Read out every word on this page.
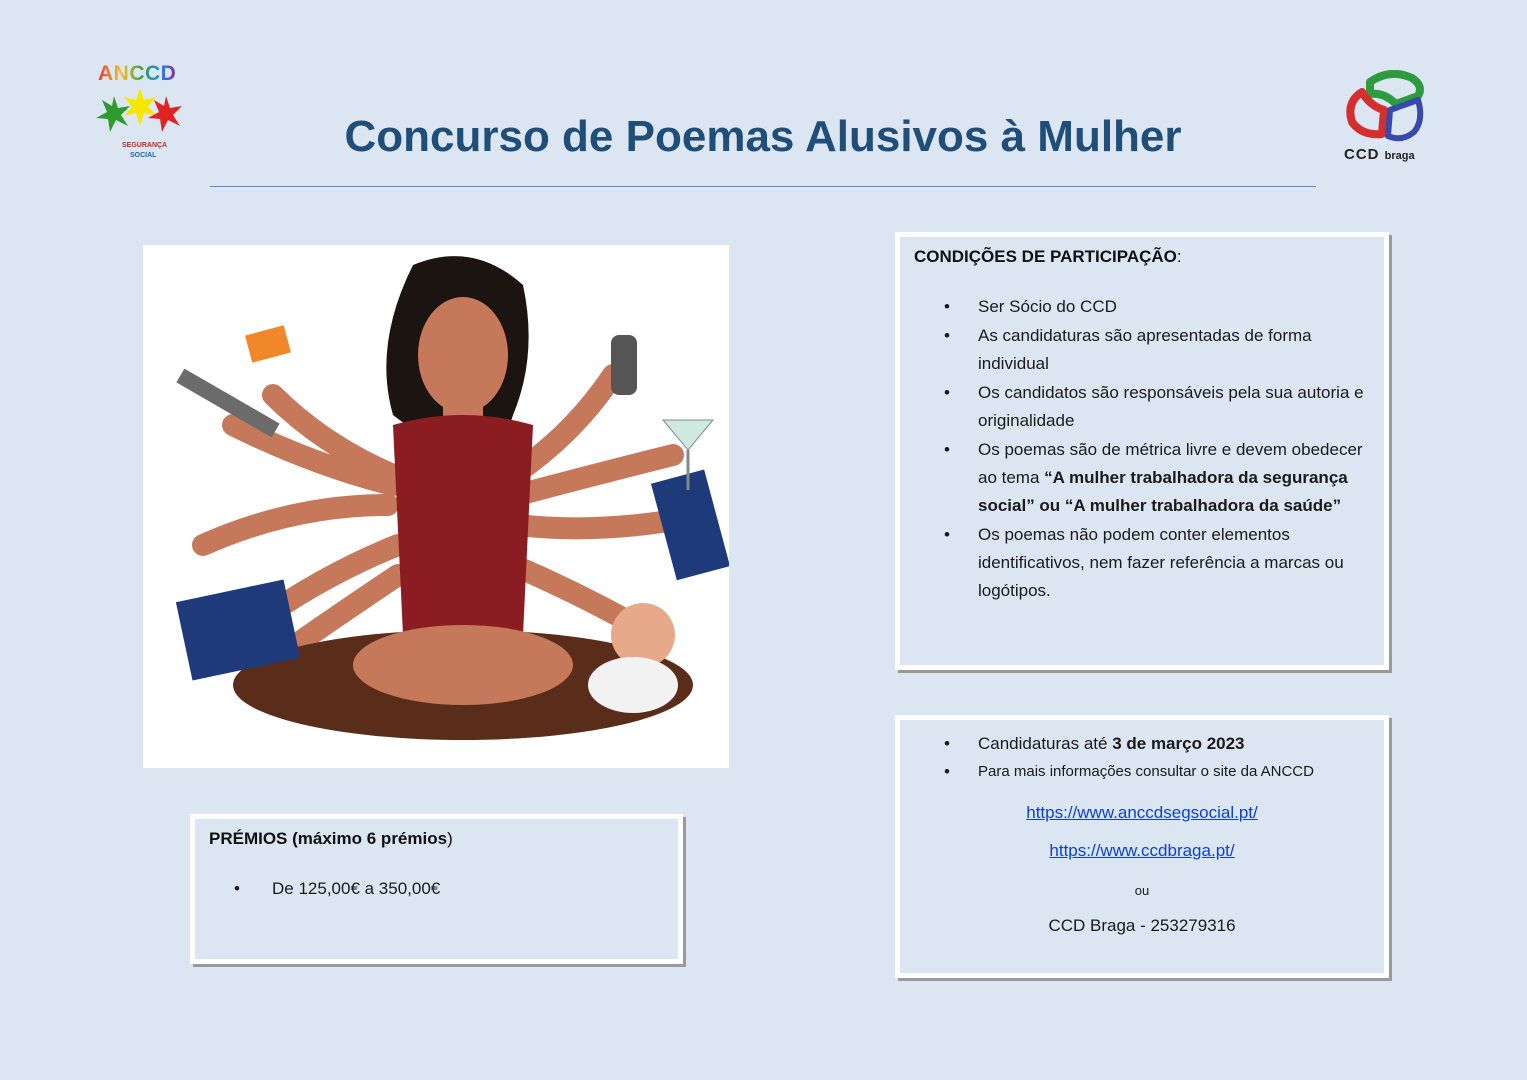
ANCCD
SEGURANÇA
SOCIAL	CCD braga
Concurso de Poemas Alusivos à Mulher
CONDIÇÕES DE PARTICIPAÇÃO:
• Ser Sócio do CCD
• As candidaturas são apresentadas de forma individual
• Os candidatos são responsáveis pela sua autoria e originalidade
• Os poemas são de métrica livre e devem obedecer ao tema “A mulher trabalhadora da segurança social” ou “A mulher trabalhadora da saúde”
• Os poemas não podem conter elementos identificativos, nem fazer referência a marcas ou logótipos.
PRÉMIOS (máximo 6 prémios)
• De 125,00€ a 350,00€
• Candidaturas até 3 de março 2023
• Para mais informações consultar o site da ANCCD
https://www.anccdsegsocial.pt/
https://www.ccdbraga.pt/
ou
CCD Braga - 253279316
